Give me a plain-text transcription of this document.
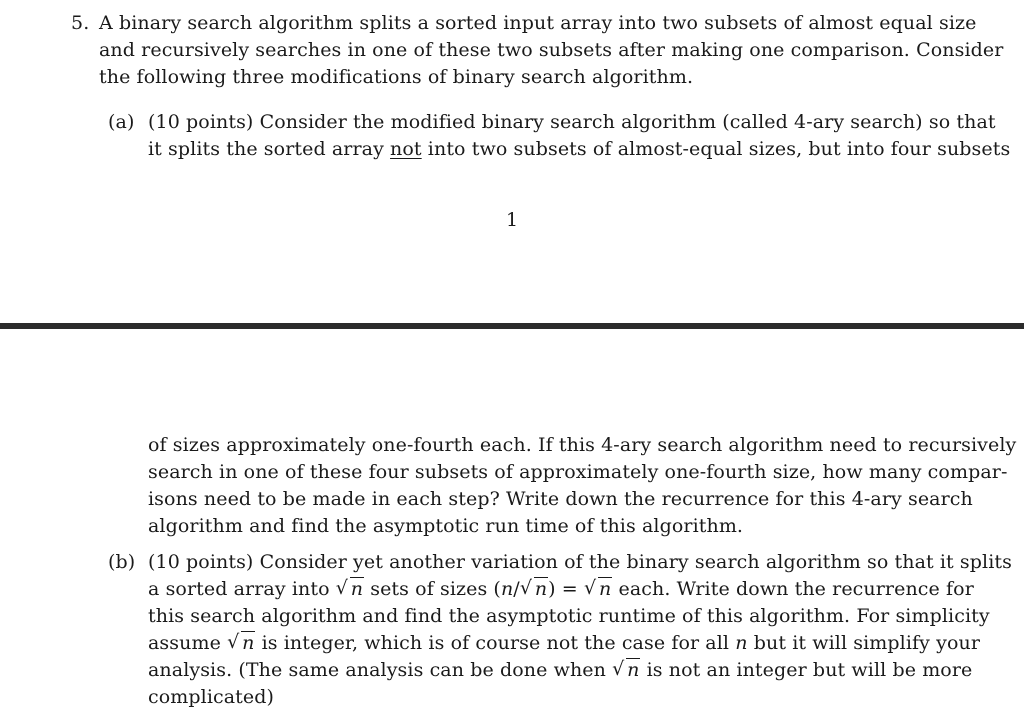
5. A binary search algorithm splits a sorted input array into two subsets of almost equal size
and recursively searches in one of these two subsets after making one comparison. Consider
the following three modifications of binary search algorithm.
(a) (10 points) Consider the modified binary search algorithm (called 4-ary search) so that
it splits the sorted array not into two subsets of almost-equal sizes, but into four subsets
1
of sizes approximately one-fourth each. If this 4-ary search algorithm need to recursively
search in one of these four subsets of approximately one-fourth size, how many compar-
isons need to be made in each step? Write down the recurrence for this 4-ary search
algorithm and find the asymptotic run time of this algorithm.
(b) (10 points) Consider yet another variation of the binary search algorithm so that it splits
a sorted array into √ n sets of sizes (n/ √ n) = √ n each. Write down the recurrence for
this search algorithm and find the asymptotic runtime of this algorithm. For simplicity
assume √ n is integer, which is of course not the case for all n but it will simplify your
analysis. (The same analysis can be done when √ n is not an integer but will be more
complicated)
